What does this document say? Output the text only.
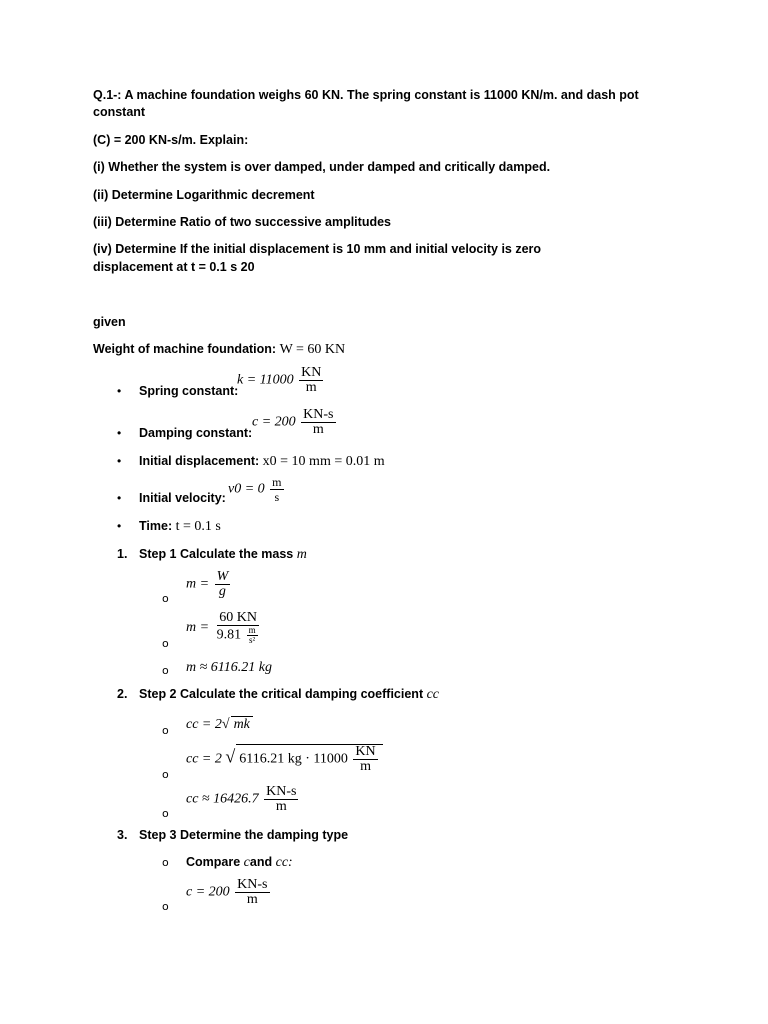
Q.1-: A machine foundation weighs 60 KN. The spring constant is 11000 KN/m. and dash pot
constant
(C) = 200 KN-s/m. Explain:
(i) Whether the system is over damped, under damped and critically damped.
(ii) Determine Logarithmic decrement
(iii) Determine Ratio of two successive amplitudes
(iv) Determine If the initial displacement is 10 mm and initial velocity is zero
displacement at t = 0.1 s 20
given
Weight of machine foundation: W = 60 KN
• Spring constant:
$k = 11000 \frac{KN}{m}$
• Damping constant:
$c = 200 \frac{KN-s}{m}$
• Initial displacement: x0 = 10 mm = 0.01 m
• Initial velocity:
$v0 = 0 \frac{m}{s}$
• Time: t = 0.1 s
1. Step 1 Calculate the mass m
o
$m = \frac{W}{g}$
o
$m = \frac{60 KN}{9.81 \frac{m}{\text{s²}}}$
o m ≈ 6116.21 kg
2. Step 2 Calculate the critical damping coefficient cc
o cc = 2√ mk
o
cc = 2 √ 6116.21 kg · $11000 \frac{KN}{m}$
o
cc ≈ $16426.7 \frac{KN-s}{m}$
3. Step 3 Determine the damping type
o Compare cand cc:
o
$c = 200 \frac{KN-s}{m}$
